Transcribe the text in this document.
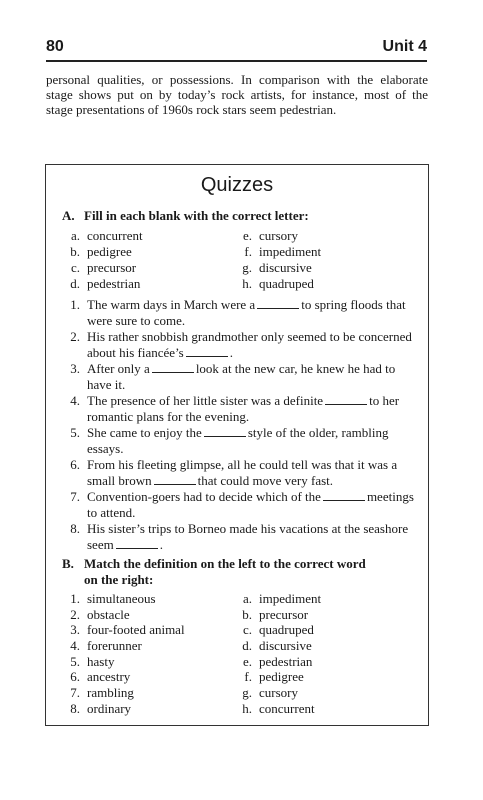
80	Unit 4
personal qualities, or possessions. In comparison with the elaborate
stage shows put on by today’s rock artists, for instance, most of the
stage presentations of 1960s rock stars seem pedestrian.
Quizzes
A. Fill in each blank with the correct letter:
a. concurrent	e. cursory
b. pedigree	f. impediment
c. precursor	g. discursive
d. pedestrian	h. quadruped
1. The warm days in March were a	to spring floods that were sure to come.
2. His rather snobbish grandmother only seemed to be concerned about his fiancée’s	.
3. After only a	look at the new car, he knew he had to have it.
4. The presence of her little sister was a definite	to her romantic plans for the evening.
5. She came to enjoy the	style of the older, rambling essays.
6. From his fleeting glimpse, all he could tell was that it was a small brown	that could move very fast.
7. Convention-goers had to decide which of the	meetings to attend.
8. His sister’s trips to Borneo made his vacations at the seashore seem	.
B. Match the definition on the left to the correct word
on the right:
1. simultaneous	a. impediment
2. obstacle	b. precursor
3. four-footed animal	c. quadruped
4. forerunner	d. discursive
5. hasty	e. pedestrian
6. ancestry	f. pedigree
7. rambling	g. cursory
8. ordinary	h. concurrent
